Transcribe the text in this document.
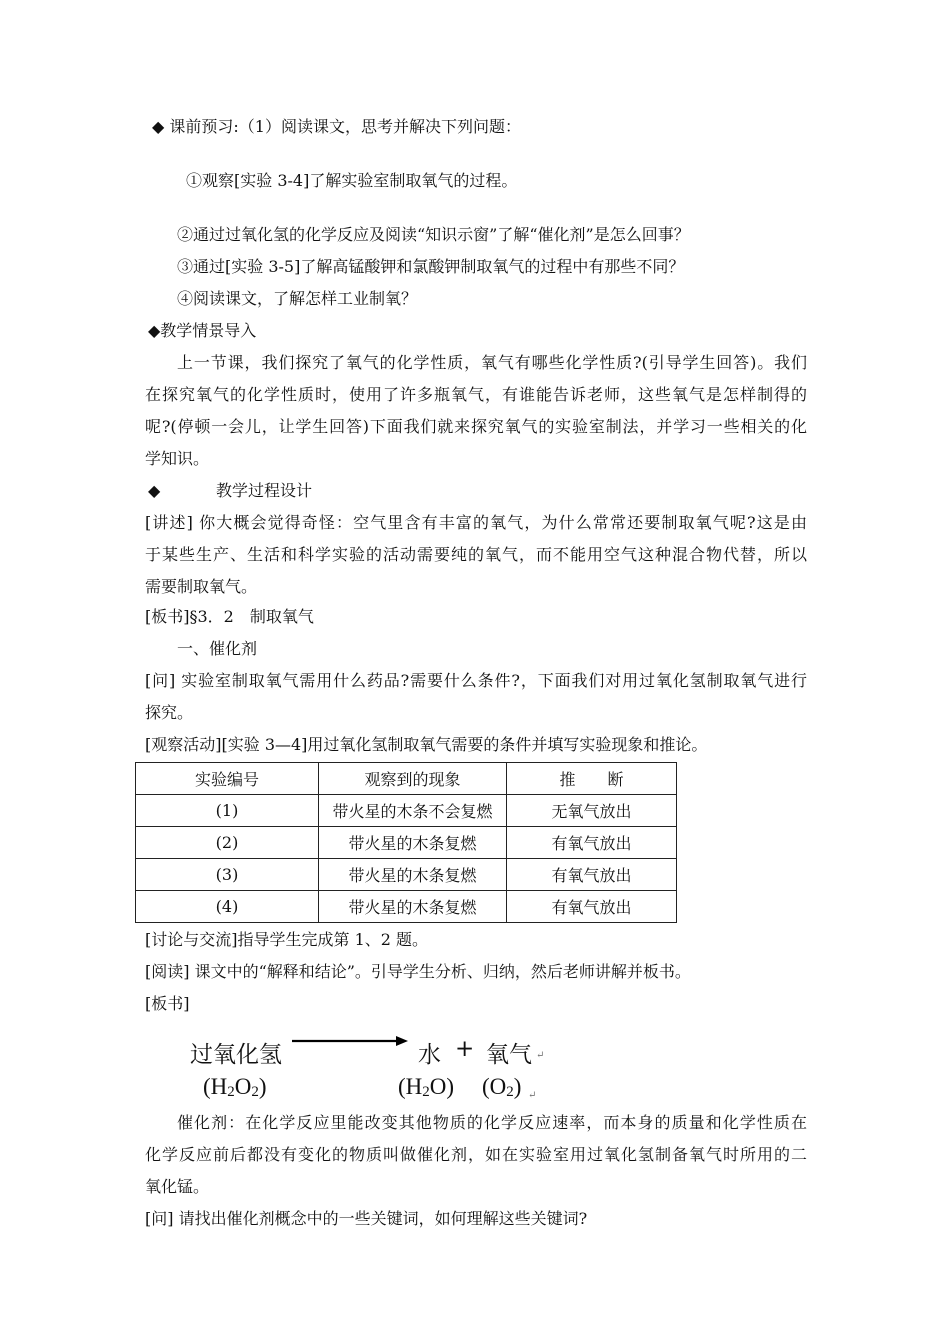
◆ 课前预习:（1）阅读课文，思考并解决下列问题：
①观察[实验 3-4]了解实验室制取氧气的过程。
②通过过氧化氢的化学反应及阅读“知识示窗”了解“催化剂”是怎么回事？
③通过[实验 3-5]了解高锰酸钾和氯酸钾制取氧气的过程中有那些不同？
④阅读课文，了解怎样工业制氧？
◆教学情景导入
上一节课，我们探究了氧气的化学性质，氧气有哪些化学性质?(引导学生回答)。我们
在探究氧气的化学性质时，使用了许多瓶氧气，有谁能告诉老师，这些氧气是怎样制得的
呢?(停顿一会儿，让学生回答)下面我们就来探究氧气的实验室制法，并学习一些相关的化
学知识。
◆	教学过程设计
[讲述] 你大概会觉得奇怪：空气里含有丰富的氧气，为什么常常还要制取氧气呢?这是由
于某些生产、生活和科学实验的活动需要纯的氧气，而不能用空气这种混合物代替，所以
需要制取氧气。
[板书]§3．2　制取氧气
一、催化剂
[问] 实验室制取氧气需用什么药品?需要什么条件?，下面我们对用过氧化氢制取氧气进行
探究。
[观察活动][实验 3—4]用过氧化氢制取氧气需要的条件并填写实验现象和推论。
实验编号	观察到的现象	推　　断
(1)	带火星的木条不会复燃	无氧气放出
(2)	带火星的木条复燃	有氧气放出
(3)	带火星的木条复燃	有氧气放出
(4)	带火星的木条复燃	有氧气放出
[讨论与交流]指导学生完成第 1、2 题。
[阅读] 课文中的“解释和结论”。引导学生分析、归纳，然后老师讲解并板书。
[板书]
过氧化氢	水 + 氧气 ↵
$(H_2O_2)$	$(H_2O)$ $(O_2)$ ↵
催化剂：在化学反应里能改变其他物质的化学反应速率，而本身的质量和化学性质在
化学反应前后都没有变化的物质叫做催化剂，如在实验室用过氧化氢制备氧气时所用的二
氧化锰。
[问] 请找出催化剂概念中的一些关键词，如何理解这些关键词?
